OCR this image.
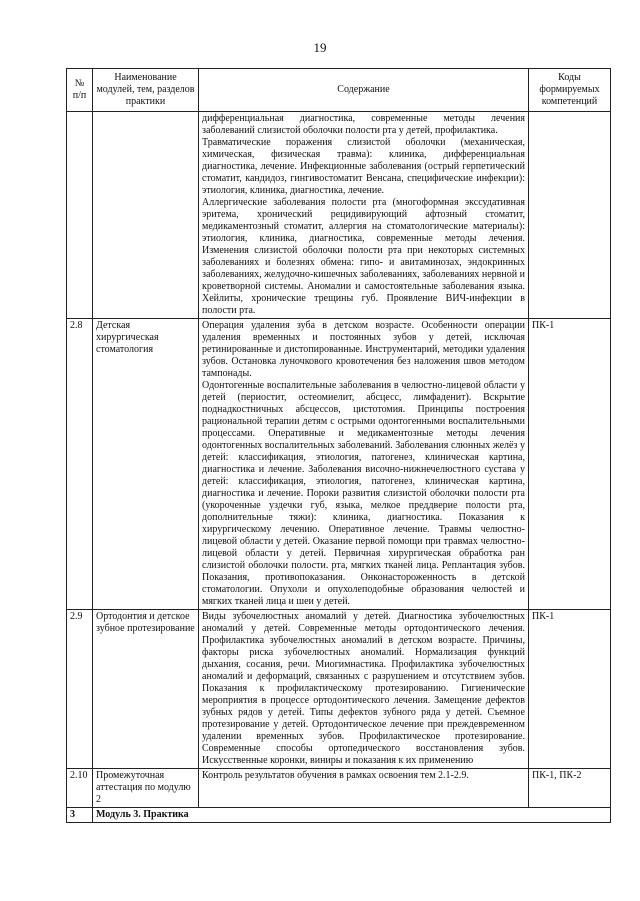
19
№ п/п	Наименование модулей, тем, разделов практики	Содержание	Коды формируемых компетенций

		дифференциальная диагностика, современные методы лечения заболеваний слизистой оболочки полости рта у детей, профилактика.

Травматические поражения слизистой оболочки (механическая, химическая, физическая травма): клиника, дифференциальная диагностика, лечение. Инфекционные заболевания (острый герпетический стоматит, кандидоз, гингивостоматит Венсана, специфические инфекции): этиология, клиника, диагностика, лечение.

Аллергические заболевания полости рта (многоформная экссудативная эритема, хронический рецидивирующий афтозный стоматит, медикаментозный стоматит, аллергия на стоматологические материалы): этиология, клиника, диагностика, современные методы лечения. Изменения слизистой оболочки полости рта при некоторых системных заболеваниях и болезнях обмена: гипо- и авитаминозах, эндокринных заболеваниях, желудочно-кишечных заболеваниях, заболеваниях нервной и кроветворной системы. Аномалии и самостоятельные заболевания языка. Хейлиты, хронические трещины губ. Проявление ВИЧ-инфекции в полости рта.	

2.8	Детская хирургическая стоматология	Операция удаления зуба в детском возрасте. Особенности операции удаления временных и постоянных зубов у детей, исключая ретинированные и дистопированные. Инструментарий, методики удаления зубов. Остановка луночкового кровотечения без наложения швов методом тампонады.

Одонтогенные воспалительные заболевания в челюстно-лицевой области у детей (периостит, остеомиелит, абсцесс, лимфаденит). Вскрытие поднадкостничных абсцессов, цистотомия. Принципы построения рациональной терапии детям с острыми одонтогенными воспалительными процессами. Оперативные и медикаментозные методы лечения одонтогенных воспалительных заболеваний. Заболевания слюнных желёз у детей: классификация, этиология, патогенез, клиническая картина, диагностика и лечение. Заболевания височно-нижнечелюстного сустава у детей: классификация, этиология, патогенез, клиническая картина, диагностика и лечение. Пороки развития слизистой оболочки полости рта (укороченные уздечки губ, языка, мелкое преддверие полости рта, дополнительные тяжи): клиника, диагностика. Показания к хирургическому лечению. Оперативное лечение. Травмы челюстно-лицевой области у детей. Оказание первой помощи при травмах челюстно-лицевой области у детей. Первичная хирургическая обработка ран слизистой оболочки полости. рта, мягких тканей лица. Реплантация зубов. Показания, противопоказания. Онконастороженность в детской стоматологии. Опухоли и опухолеподобные образования челюстей и мягких тканей лица и шеи у детей.	ПК-1
2.9	Ортодонтия и детское зубное протезирование	Виды зубочелюстных аномалий у детей. Диагностика зубочелюстных аномалий у детей. Современные методы ортодонтического лечения. Профилактика зубочелюстных аномалий в детском возрасте. Причины, факторы риска зубочелюстных аномалий. Нормализация функций дыхания, сосания, речи. Миогимнастика. Профилактика зубочелюстных аномалий и деформаций, связанных с разрушением и отсутствием зубов. Показания к профилактическому протезированию. Гигиенические мероприятия в процессе ортодонтического лечения. Замещение дефектов зубных рядов у детей. Типы дефектов зубного ряда у детей. Съемное протезирование у детей. Ортодонтическое лечение при преждевременном удалении временных зубов. Профилактическое протезирование. Современные способы ортопедического восстановления зубов. Искусственные коронки, виниры и показания к их применению	ПК-1
2.10	Промежуточная аттестация по модулю 2	Контроль результатов обучения в рамках освоения тем 2.1-2.9.	ПК-1, ПК-2
3	Модуль 3. Практика		
